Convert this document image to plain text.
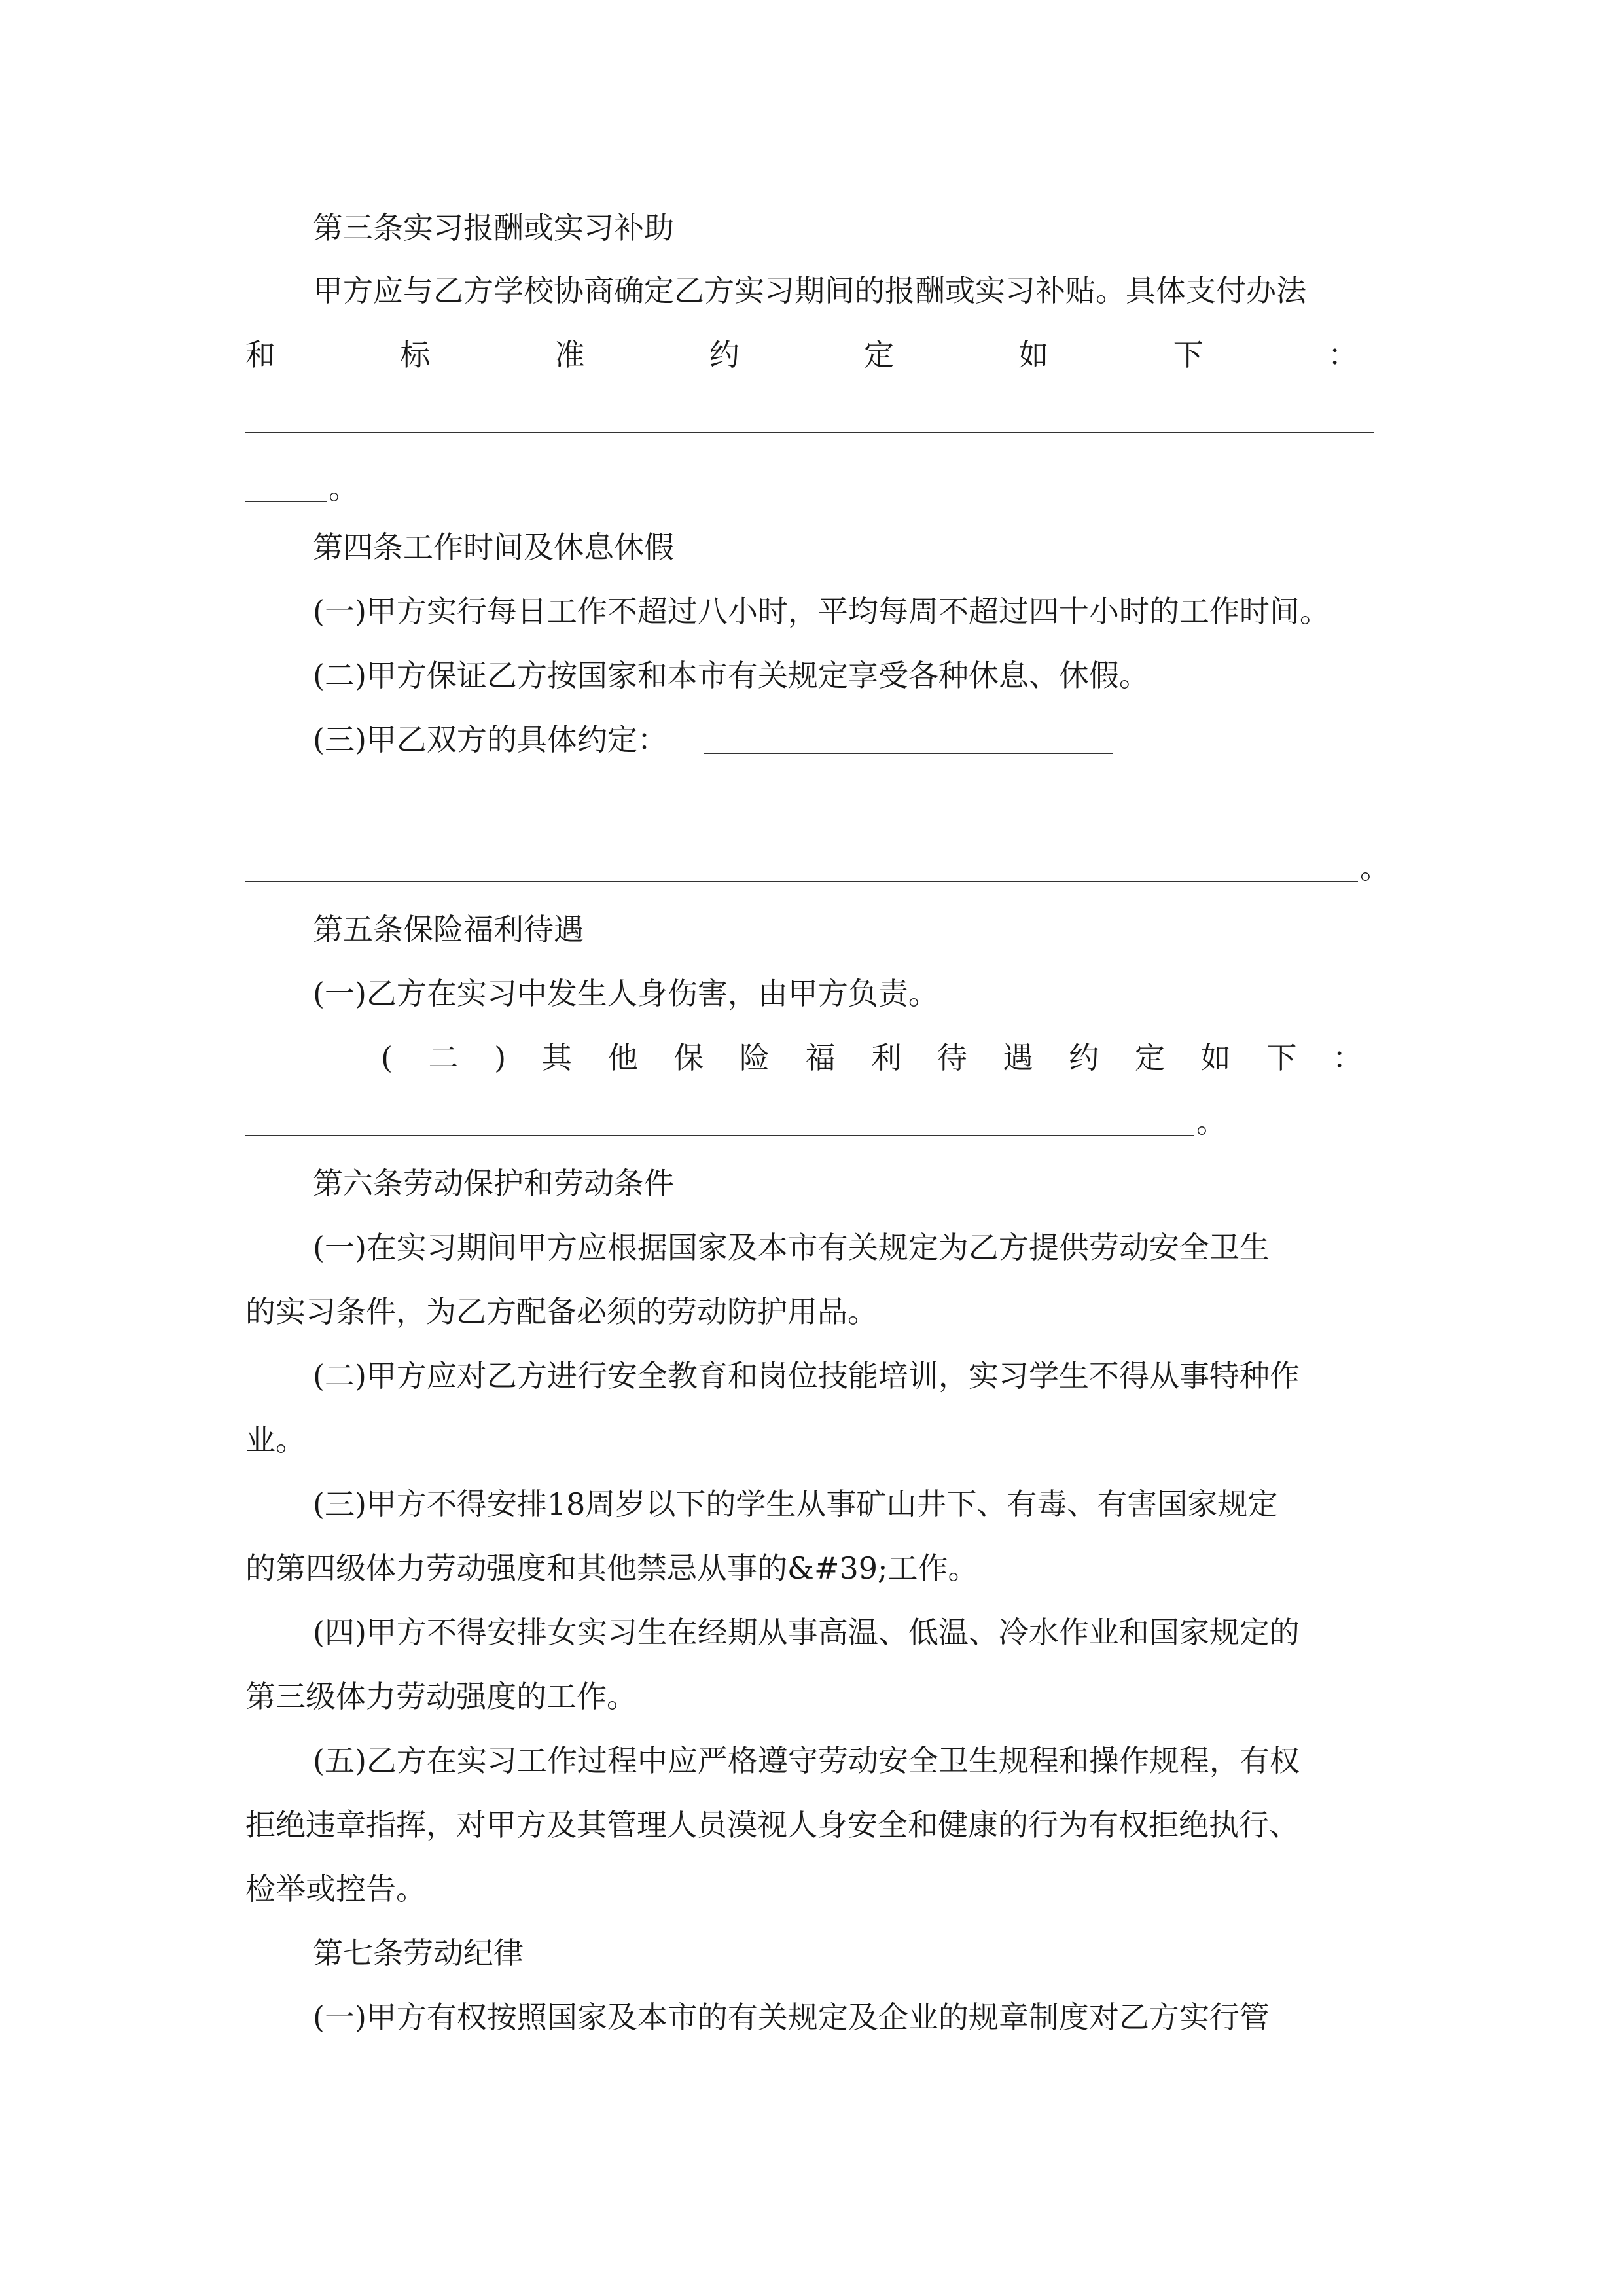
第三条实习报酬或实习补助

甲方应与乙方学校协商确定乙方实习期间的报酬或实习补贴。具体支付办法

和	标	准	约	定	如	下	：

。

第四条工作时间及休息休假

(一)甲方实行每日工作不超过八小时，平均每周不超过四十小时的工作时间。

(二)甲方保证乙方按国家和本市有关规定享受各种休息、休假。

(三)甲乙双方的具体约定：

。

第五条保险福利待遇

(一)乙方在实习中发生人身伤害，由甲方负责。

( 二 ) 其 他 保 险 福 利 待 遇 约 定 如 下 ：

。

第六条劳动保护和劳动条件

(一)在实习期间甲方应根据国家及本市有关规定为乙方提供劳动安全卫生

的实习条件，为乙方配备必须的劳动防护用品。

(二)甲方应对乙方进行安全教育和岗位技能培训，实习学生不得从事特种作

业。

(三)甲方不得安排18周岁以下的学生从事矿山井下、有毒、有害国家规定

的第四级体力劳动强度和其他禁忌从事的&#39;工作。

(四)甲方不得安排女实习生在经期从事高温、低温、冷水作业和国家规定的

第三级体力劳动强度的工作。

(五)乙方在实习工作过程中应严格遵守劳动安全卫生规程和操作规程，有权

拒绝违章指挥，对甲方及其管理人员漠视人身安全和健康的行为有权拒绝执行、

检举或控告。

第七条劳动纪律

(一)甲方有权按照国家及本市的有关规定及企业的规章制度对乙方实行管
